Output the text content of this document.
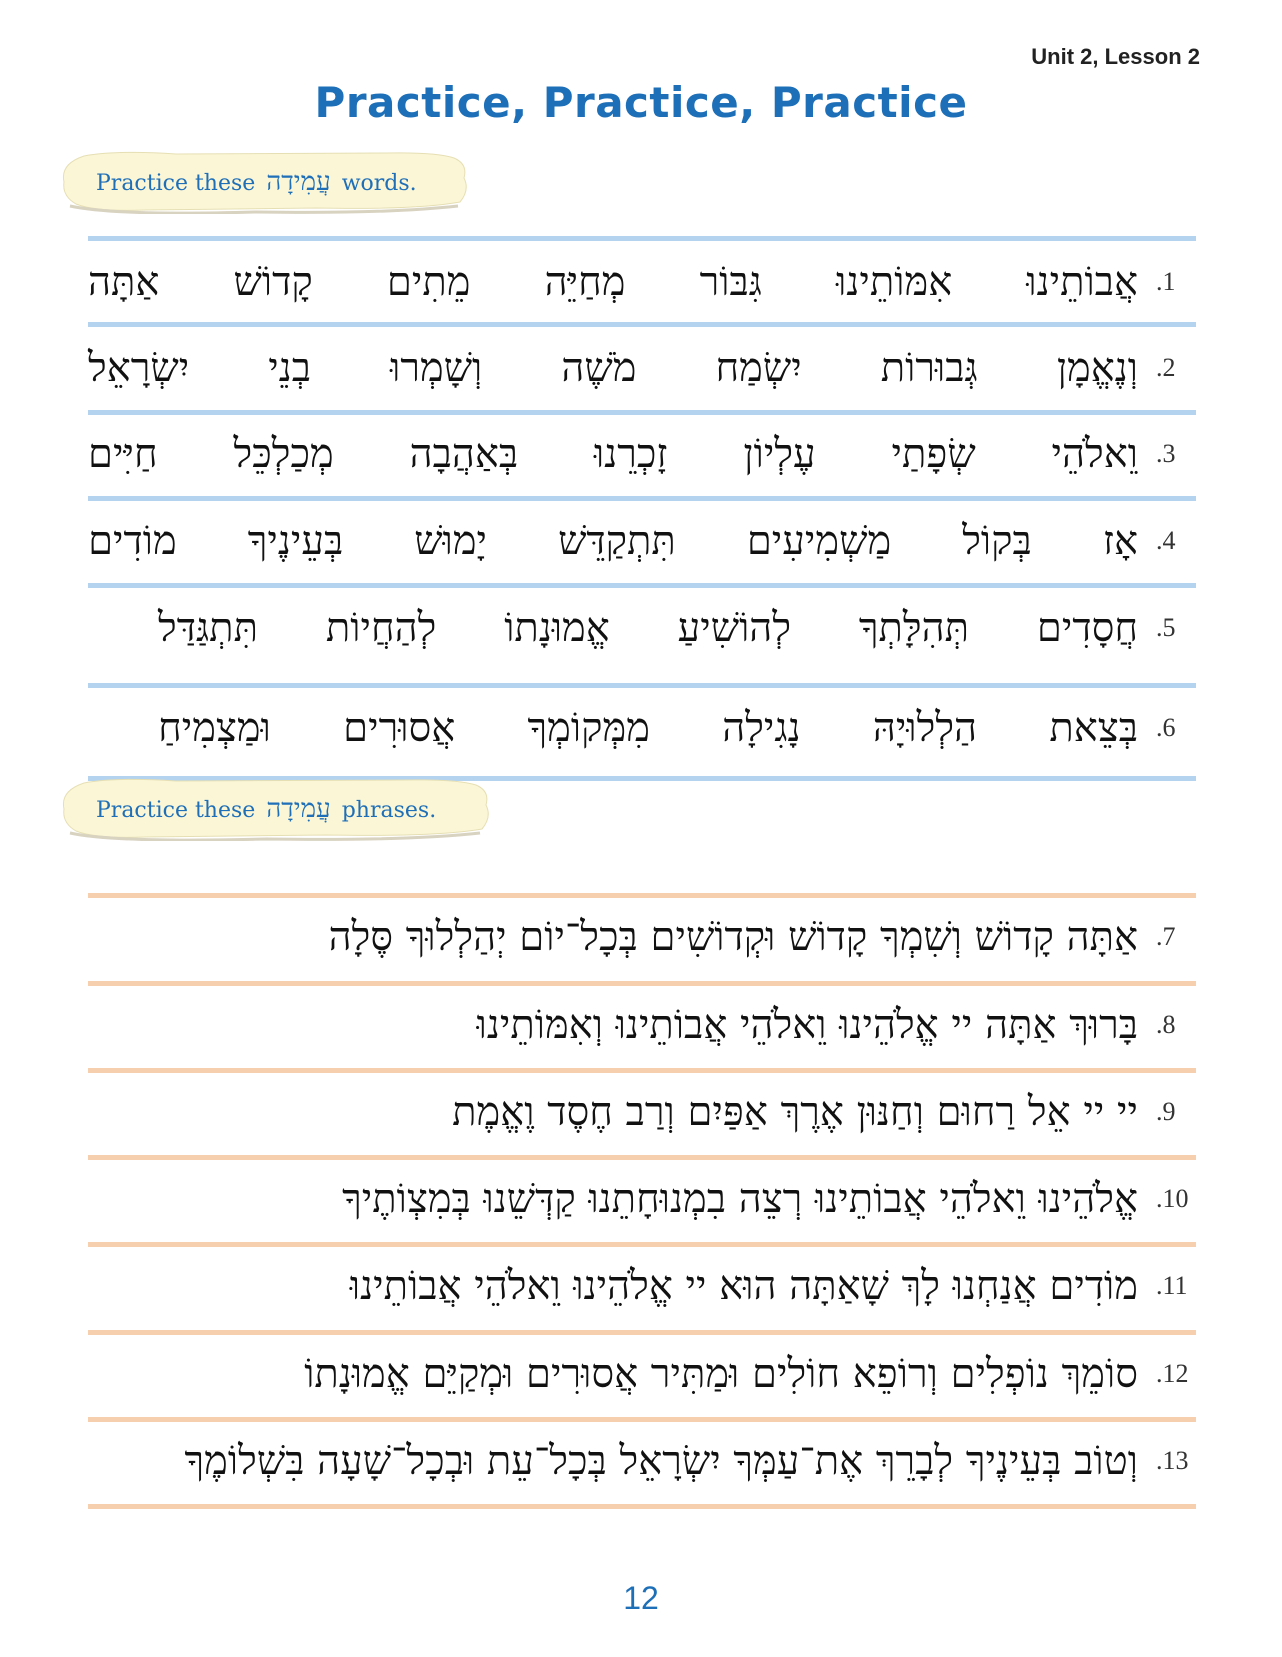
Unit 2, Lesson 2
Practice, Practice, Practice
Practice these עֲמִידָה words.
.1
אֲבוֹתֵינוּ
אִמּוֹתֵינוּ
גִּבּוֹר
מְחַיֵּה
מֵתִים
קָדוֹשׁ
אַתָּה
.2
וְנֶאֱמָן
גְּבוּרוֹת
יִשְׂמַח
מֹשֶׁה
וְשָׁמְרוּ
בְנֵי
יִשְׂרָאֵל
.3
וֵאלֹהֵי
שְׂפָתַי
עֶלְיוֹן
זָכְרֵנוּ
בְּאַהֲבָה
מְכַלְכֵּל
חַיִּים
.4
אָז
בְּקוֹל
מַשְׁמִיעִים
תִּתְקַדֵּשׁ
יָמוּשׁ
בְּעֵינֶיךָ
מוֹדִים
.5
חֲסָדִים
תְּהִלָּתְךָ
לְהוֹשִׁיעַ
אֱמוּנָתוֹ
לְהַחֲיוֹת
תִּתְגַּדַּל
.6
בְּצֵאת
הַלְלוּיָהּ
נָגִילָה
מִמְּקוֹמְךָ
אֲסוּרִים
וּמַצְמִיחַ
Practice these עֲמִידָה phrases.
.7
אַתָּה קָדוֹשׁ וְשִׁמְךָ קָדוֹשׁ וּקְדוֹשִׁים בְּכָל־יוֹם יְהַלְלוּךָ סֶּלָה
.8
בָּרוּךְ אַתָּה יי אֱלֹהֵינוּ וֵאלֹהֵי אֲבוֹתֵינוּ וְאִמּוֹתֵינוּ
.9
יי יי אֵל רַחוּם וְחַנּוּן אֶרֶךְ אַפַּיִם וְרַב חֶסֶד וֶאֱמֶת
.10
אֱלֹהֵינוּ וֵאלֹהֵי אֲבוֹתֵינוּ רְצֵה בִמְנוּחָתֵנוּ קַדְּשֵׁנוּ בְּמִצְוֹתֶיךָ
.11
מוֹדִים אֲנַחְנוּ לָךְ שָׁאַתָּה הוּא יי אֱלֹהֵינוּ וֵאלֹהֵי אֲבוֹתֵינוּ
.12
סוֹמֵךְ נוֹפְלִים וְרוֹפֵא חוֹלִים וּמַתִּיר אֲסוּרִים וּמְקַיֵּם אֱמוּנָתוֹ
.13
וְטוֹב בְּעֵינֶיךָ לְבָרֵךְ אֶת־עַמְּךָ יִשְׂרָאֵל בְּכָל־עֵת וּבְכָל־שָׁעָה בִּשְׁלוֹמֶךָ
12
